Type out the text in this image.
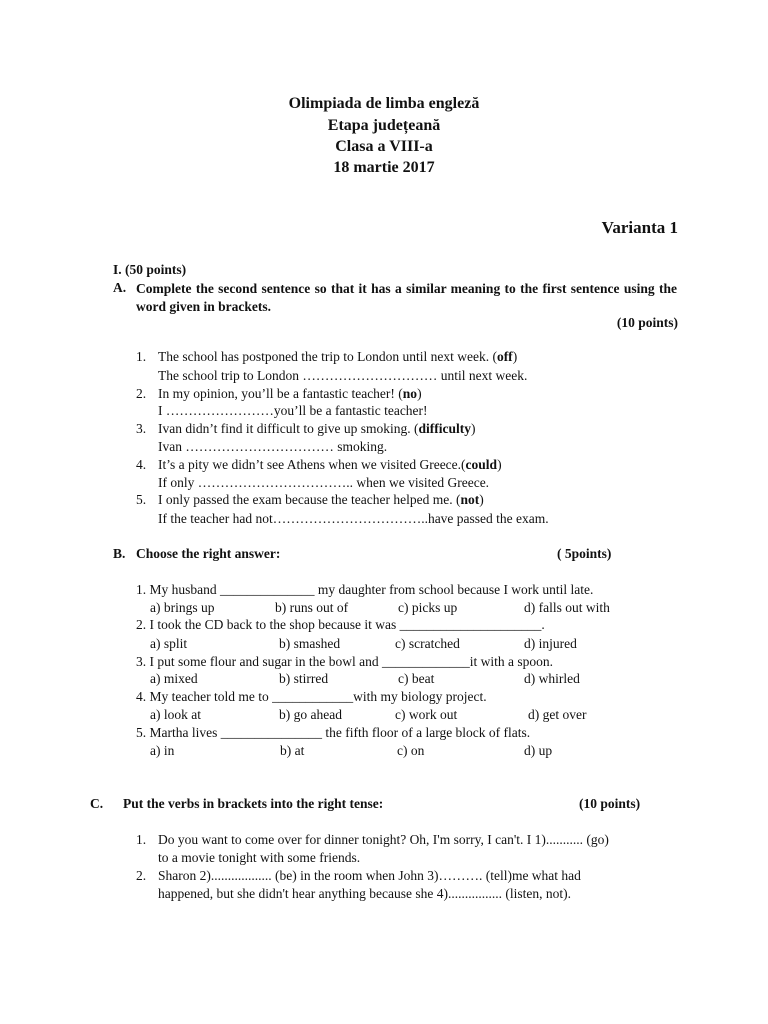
Olimpiada de limba engleză
Etapa județeană
Clasa a VIII-a
18 martie 2017
Varianta 1
I. (50 points)
A. Complete the second sentence so that it has a similar meaning to the first sentence using the word given in brackets.
(10 points)
1. The school has postponed the trip to London until next week. (off)
The school trip to London ………………………… until next week.
2. In my opinion, you’ll be a fantastic teacher! (no)
I ……………………you’ll be a fantastic teacher!
3. Ivan didn’t find it difficult to give up smoking. (difficulty)
Ivan …………………………… smoking.
4. It’s a pity we didn’t see Athens when we visited Greece.(could)
If only …………………………….. when we visited Greece.
5. I only passed the exam because the teacher helped me. (not)
If the teacher had not……………………………..have passed the exam.
B. Choose the right answer:	( 5points)
1. My husband ______________ my daughter from school because I work until late.
a) brings up	b) runs out of	c) picks up	d) falls out with
2. I took the CD back to the shop because it was _____________________.
a) split	b) smashed	c) scratched	d) injured
3. I put some flour and sugar in the bowl and _____________it with a spoon.
a) mixed	b) stirred	c) beat	d) whirled
4. My teacher told me to ____________with my biology project.
a) look at	b) go ahead	c) work out	d) get over
5. Martha lives _______________ the fifth floor of a large block of flats.
a) in	b) at	c) on	d) up
C. Put the verbs in brackets into the right tense:	(10 points)
1. Do you want to come over for dinner tonight? Oh, I'm sorry, I can't. I 1)........... (go)
to a movie tonight with some friends.
2. Sharon 2).................. (be) in the room when John 3)………. (tell)me what had
happened, but she didn't hear anything because she 4)................ (listen, not).
